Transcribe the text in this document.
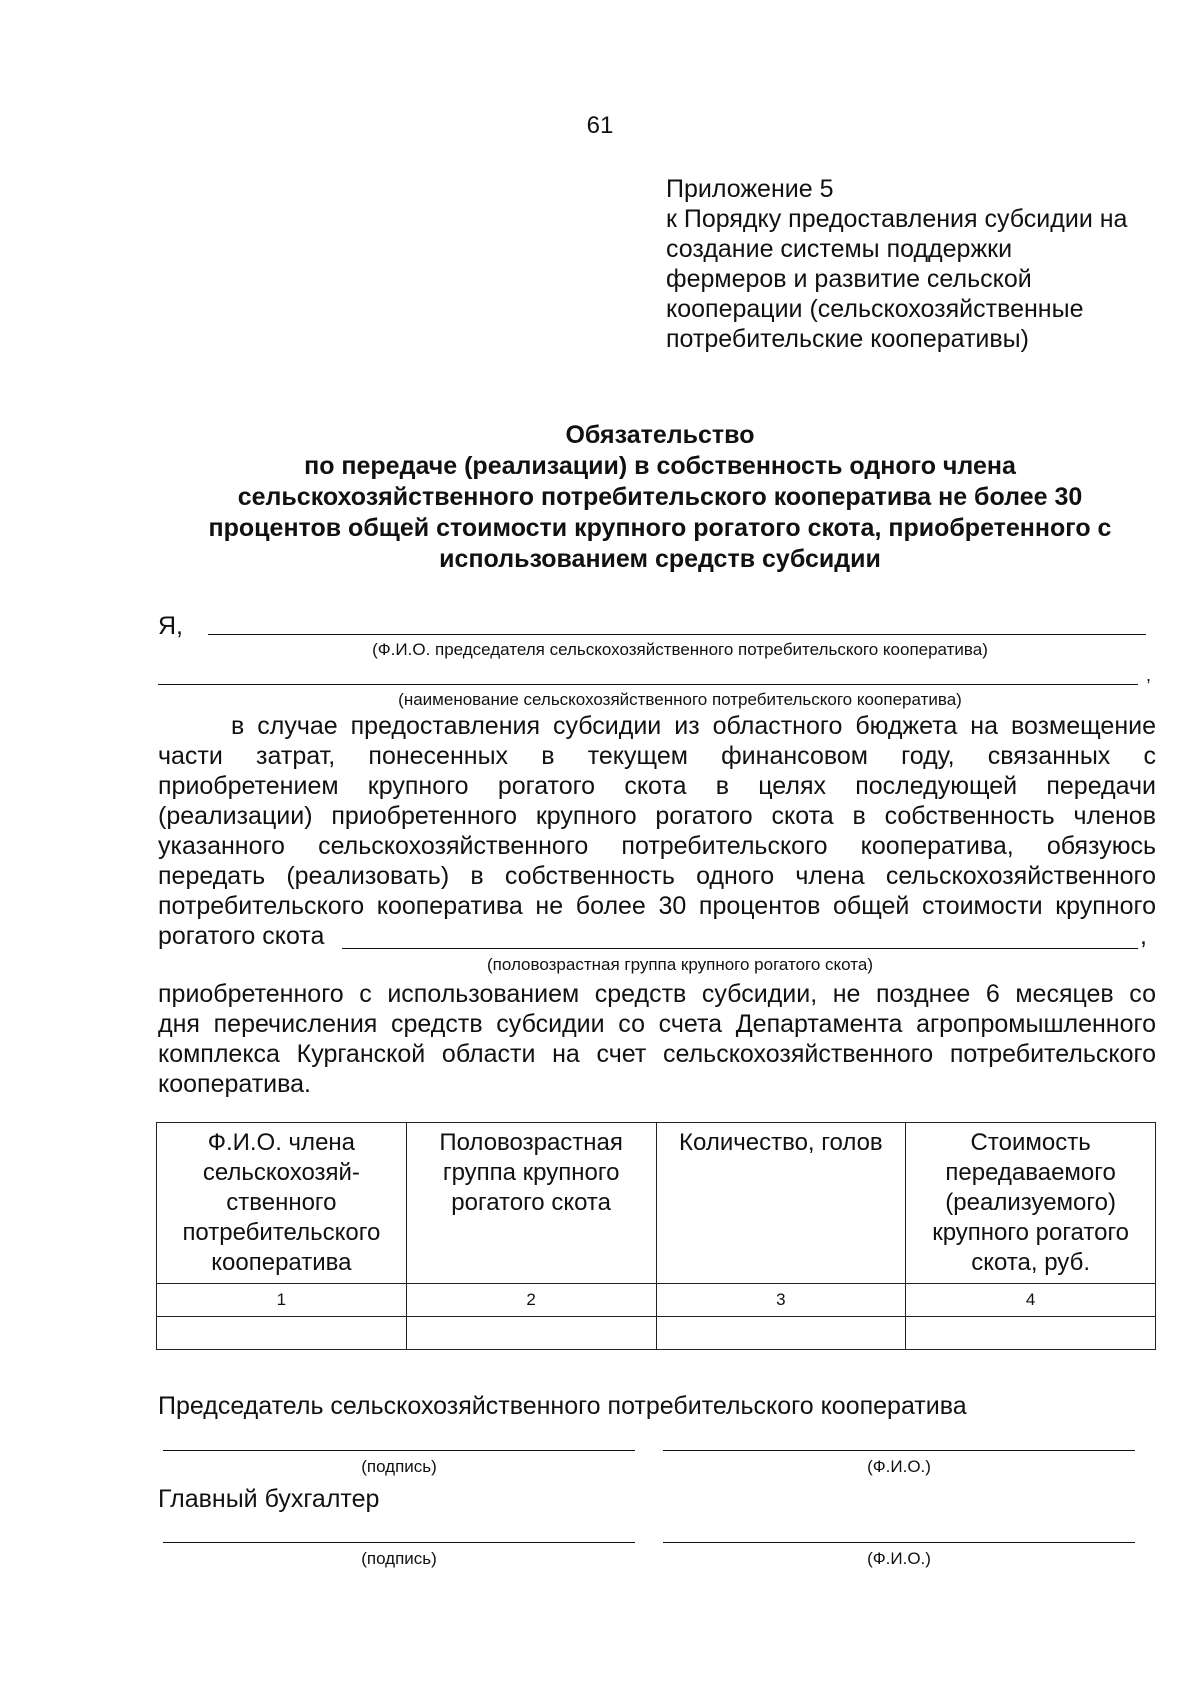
61
Приложение 5
к Порядку предоставления субсидии на
создание системы поддержки
фермеров и развитие сельской
кооперации (сельскохозяйственные
потребительские кооперативы)
Обязательство
по передаче (реализации) в собственность одного члена
сельскохозяйственного потребительского кооператива не более 30
процентов общей стоимости крупного рогатого скота, приобретенного с
использованием средств субсидии
Я,
(Ф.И.О. председателя сельскохозяйственного потребительского кооператива)
,
(наименование сельскохозяйственного потребительского кооператива)
в случае предоставления субсидии из областного бюджета на возмещение
части затрат, понесенных в текущем финансовом году, связанных с
приобретением крупного рогатого скота в целях последующей передачи
(реализации) приобретенного крупного рогатого скота в собственность членов
указанного сельскохозяйственного потребительского кооператива, обязуюсь
передать (реализовать) в собственность одного члена сельскохозяйственного
потребительского кооператива не более 30 процентов общей стоимости крупного
рогатого скота	,
(половозрастная группа крупного рогатого скота)
приобретенного с использованием средств субсидии, не позднее 6 месяцев со
дня перечисления средств субсидии со счета Департамента агропромышленного
комплекса Курганской области на счет сельскохозяйственного потребительского
кооператива.
Ф.И.О. члена сельскохозяй-ственного потребительского кооператива	Половозрастная группа крупного рогатого скота	Количество, голов	Стоимость передаваемого (реализуемого) крупного рогатого скота, руб.
1	2	3	4

Председатель сельскохозяйственного потребительского кооператива
(подпись)	(Ф.И.О.)
Главный бухгалтер
(подпись)	(Ф.И.О.)
